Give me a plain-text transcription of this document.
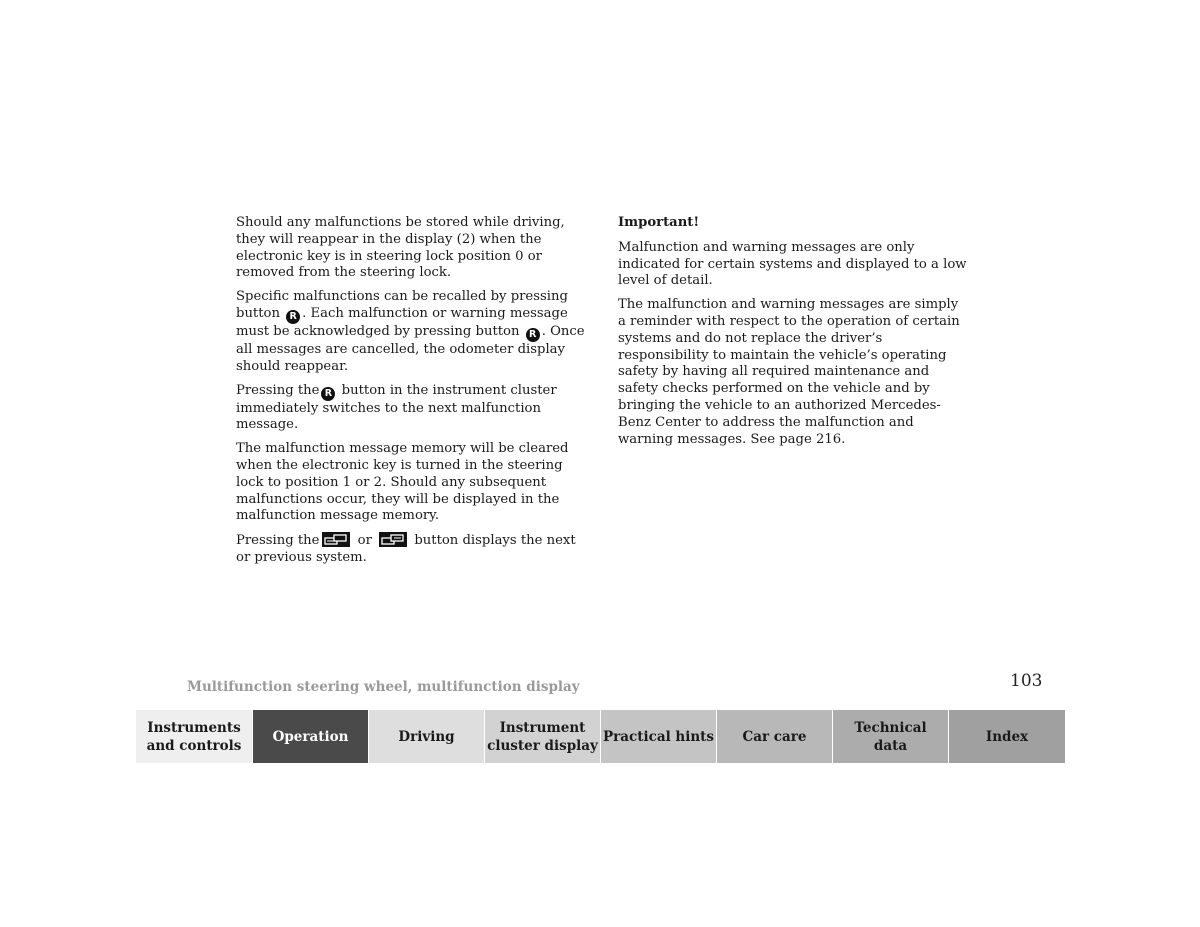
Should any malfunctions be stored while driving, they will reappear in the display (2) when the electronic key is in steering lock position 0 or removed from the steering lock.

Specific malfunctions can be recalled by pressing button R . Each malfunction or warning message must be acknowledged by pressing button R . Once all messages are cancelled, the odometer display should reappear.

Pressing the R button in the instrument cluster immediately switches to the next malfunction message.

The malfunction message memory will be cleared when the electronic key is turned in the steering lock to position 1 or 2. Should any subsequent malfunctions occur, they will be displayed in the malfunction message memory.

Pressing the	or	button displays the next or previous system.

Important!

Malfunction and warning messages are only indicated for certain systems and displayed to a low level of detail.

The malfunction and warning messages are simply a reminder with respect to the operation of certain systems and do not replace the driver’s responsibility to maintain the vehicle’s operating safety by having all required maintenance and safety checks performed on the vehicle and by bringing the vehicle to an authorized Mercedes-Benz Center to address the malfunction and warning messages. See page 216.

Multifunction steering wheel, multifunction display	103
Instruments
and controls
Operation	Driving
Instrument
cluster display
Practical hints Car care
Technical
data
Index
